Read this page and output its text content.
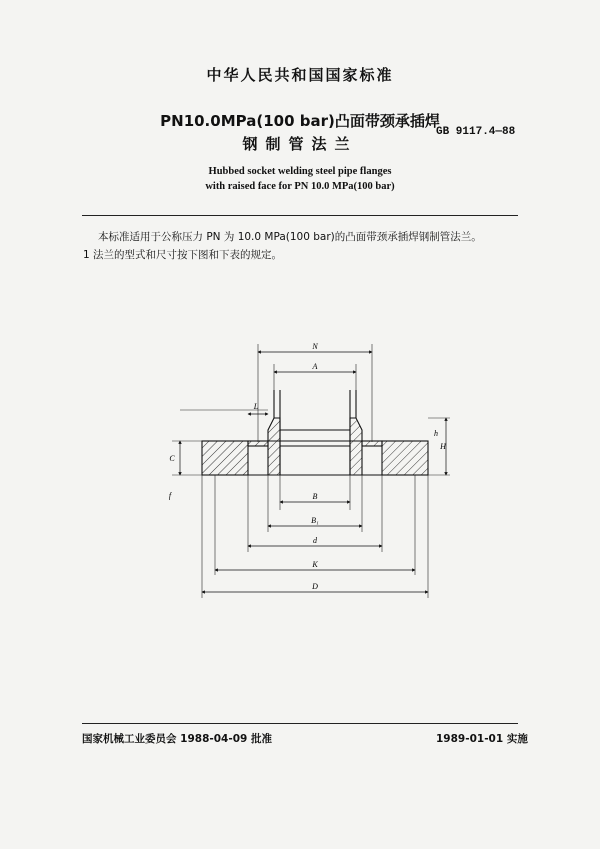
中华人民共和国国家标准
PN10.0MPa(100 bar)凸面带颈承插焊
钢制管法兰
GB 9117.4—88
Hubbed socket welding steel pipe flanges
with raised face for PN 10.0 MPa(100 bar)
本标准适用于公称压力 PN 为 10.0 MPa(100 bar)的凸面带颈承插焊钢制管法兰。
1 法兰的型式和尺寸按下图和下表的规定。
N
A
L
C
f
h
H
B
B₁
d
K
D
国家机械工业委员会 1988-04-09 批准	1989-01-01 实施
